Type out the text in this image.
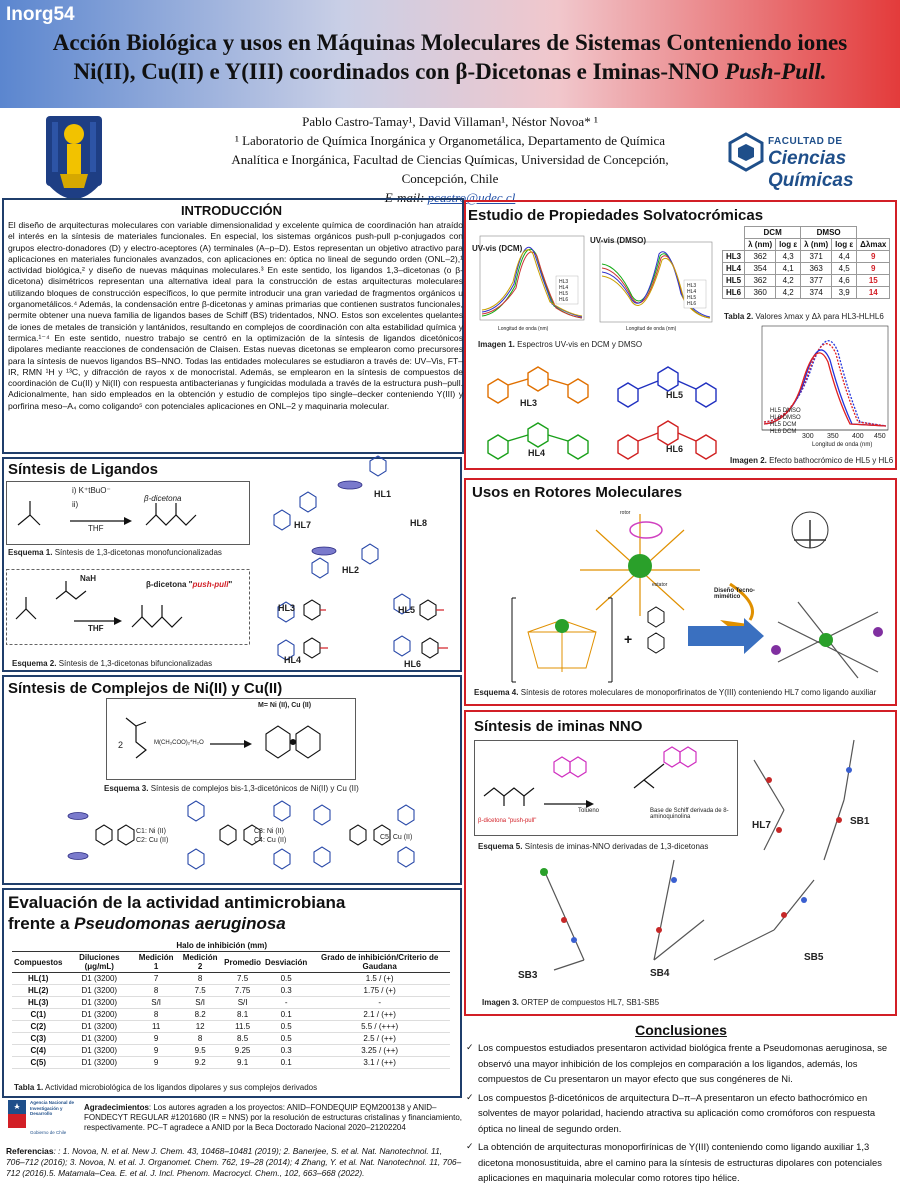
Inorg54
Acción Biológica y usos en Máquinas Moleculares de Sistemas Conteniendo iones
Ni(II), Cu(II) e Y(III) coordinados con β-Dicetonas e Iminas-NNO Push-Pull.
FACULTAD DE
Ciencias Químicas
Pablo Castro-Tamay¹, David Villaman¹, Néstor Novoa* ¹
¹ Laboratorio de Química Inorgánica y Organometálica, Departamento de Química
Analítica e Inorgánica, Facultad de Ciencias Químicas, Universidad de Concepción,
Concepción, Chile
E-mail: pcastro@udec.cl
INTRODUCCIÓN
El diseño de arquitecturas moleculares con variable dimensionalidad y excelente química de coordinación han atraído el interés en la síntesis de materiales funcionales. En especial, los sistemas orgánicos push-pull p-conjugados con grupos electro-donadores (D) y electro-aceptores (A) terminales (A–p–D). Estos representan un objetivo atractivo para aplicaciones en materiales funcionales avanzados, con aplicaciones en: óptica no lineal de segundo orden (ONL–2),¹ actividad biológica,² y diseño de nuevas máquinas moleculares.³ En este sentido, los ligandos 1,3–dicetonas (o β-dicetona) disimétricos representan una alternativa ideal para la construcción de estas arquitecturas moleculares utilizando bloques de construcción específicos, lo que permite introducir una gran variedad de fragmentos orgánicos u organometálicos.⁴ Además, la condensación entre β-dicetonas y aminas primarias que contienen sustratos funcionales, permite obtener una nueva familia de ligandos bases de Schiff (BS) tridentados, NNO. Estos son excelentes quelantes de iones de metales de transición y lantánidos, resultando en complejos de coordinación con alta estabilidad química y termica.¹⁻⁴ En este sentido, nuestro trabajo se centró en la optimización de la síntesis de ligandos dicetónicos dipolares mediante reacciones de condensación de Claisen. Estas nuevas dicetonas se emplearon como precursores para la síntesis de nuevos ligandos BS–NNO. Todas las entidades moleculares se estudiaron a través de: UV–Vis, FT–IR, RMN ¹H y ¹³C, y difracción de rayos x de monocristal. Además, se emplearon en la síntesis de compuestos de coordinación de Cu(II) y Ni(II) con respuesta antibacterianas y fungicidas modulada a través de la estructura push–pull. Adicionalmente, han sido empleados en la obtención y estudio de complejos tipo single–decker conteniendo Y(III) y porfirina meso–A₄ como coligando⁵ con potenciales aplicaciones en ONL–2 y maquinaria molecular.
Estudio de Propiedades Solvatocrómicas
UV-vis (DCM)
Longitud de onda (nm)
HL3
HL4
HL5
HL6
UV-vis (DMSO)
Longitud de onda (nm)
HL3
HL4
HL5
HL6
Imagen 1. Espectros UV-vis en DCM y DMSO
HL3
HL5
HL4	HL6
	DCM		DMSO		
	λ (nm)	log ε	λ (nm)	log ε	Δλmax
HL3	362	4,3	371	4,4	9
HL4	354	4,1	363	4,5	9
HL5	362	4,2	377	4,6	15
HL6	360	4,2	374	3,9	14
Tabla 2. Valores λmax y Δλ para HL3-HLHL6
HL5 DMSO
HL6 DMSO
HL5 DCM
HL6 DCM
300 350 400 450
Longitud de onda (nm)
Imagen 2. Efecto bathocrómico de HL5 y HL6
Síntesis de Ligandos
i) K⁺tBuO⁻
ii)
THF
β-dicetona
Esquema 1. Síntesis de 1,3-dicetonas monofuncionalizadas
NaH
THF
β-dicetona "push-pull"
Esquema 2. Síntesis de 1,3-dicetonas bifuncionalizadas
HL1
HL7	HL8
HL2
HL3	HL5
HL4	HL6
Síntesis de Complejos de Ni(II) y Cu(II)
2	M(CH₃COO)₂*H₂O
M= Ni (II), Cu (II)
Esquema 3. Síntesis de complejos bis-1,3-dicetónicos de Ni(II) y Cu (II)
C1: Ni (II)
C2: Cu (II)
C3: Ni (II)
C4: Cu (II)	C5: Cu (II)
Evaluación de la actividad antimicrobiana
frente a Pseudomonas aeruginosa
		Halo de inhibición (mm)				
Compuestos	Diluciones (μg/mL)	Medición 1	Medición 2	Promedio	Desviación	Grado de inhibición/Criterio de Gaudana
HL(1)	D1 (3200)	7	8	7.5	0.5	1.5 / (+)
HL(2)	D1 (3200)	8	7.5	7.75	0.3	1.75 / (+)
HL(3)	D1 (3200)	S/I	S/I	S/I	-	-
C(1)	D1 (3200)	8	8.2	8.1	0.1	2.1 / (++)
C(2)	D1 (3200)	11	12	11.5	0.5	5.5 / (+++)
C(3)	D1 (3200)	9	8	8.5	0.5	2.5 / (++)
C(4)	D1 (3200)	9	9.5	9.25	0.3	3.25 / (++)
C(5)	D1 (3200)	9	9.2	9.1	0.1	3.1 / (++)
Tabla 1. Actividad microbiológica de los ligandos dipolares y sus complejos derivados
Agencia Nacional de Investigación y Desarrollo
Gobierno de Chile
Agradecimientos: Los autores agraden a los proyectos: ANID–FONDEQUIP EQM200138 y ANID–FONDECYT REGULAR #1201680 (IR = NNS) por la resolución de estructuras cristalinas y financiamiento, respectivamente. PC–T agradece a ANID por la Beca Doctorado Nacional 2020–21202204
Referencias: : 1. Novoa, N. et al. New J. Chem. 43, 10468–10481 (2019); 2. Banerjee, S. et al. Nat. Nanotechnol. 11, 706–712 (2016); 3. Novoa, N. et al. J. Organomet. Chem. 762, 19–28 (2014); 4 Zhang, Y. et al. Nat. Nanotechnol. 11, 706–712 (2016).5. Matamala–Cea. E. et al. J. Incl. Phenom. Macrocycl. Chem., 102, 663–668 (2022).
Usos en Rotores Moleculares
rotor
estator
Diseño Tecno-mimético
+
Esquema 4. Síntesis de rotores moleculares de monoporfirinatos de Y(III) conteniendo HL7 como ligando auxiliar
Síntesis de iminas NNO
β-dicetona "push-pull"
Tolueno	Base de Schiff derivada de 8-aminoquinolina
Esquema 5. Síntesis de iminas-NNO derivadas de 1,3-dicetonas
HL7	SB1
SB3	SB4
SB5
Imagen 3. ORTEP de compuestos HL7, SB1-SB5
Conclusiones
✓ Los compuestos estudiados presentaron actividad biológica frente a Pseudomonas aeruginosa, se observó una mayor inhibición de los complejos en comparación a los ligandos, además, los compuestos de Cu presentaron un mayor efecto que sus congéneres de Ni.
✓ Los compuestos β-dicetónicos de arquitectura D–π–A presentaron un efecto bathocrómico en solventes de mayor polaridad, haciendo atractiva su aplicación como cromóforos con respuesta óptica no lineal de segundo orden.
✓ La obtención de arquitecturas monoporfirínicas de Y(III) conteniendo como ligando auxiliar 1,3 dicetona monosustituida, abre el camino para la síntesis de estructuras dipolares con potenciales aplicaciones en maquinaria molecular como rotores tipo hélice.
